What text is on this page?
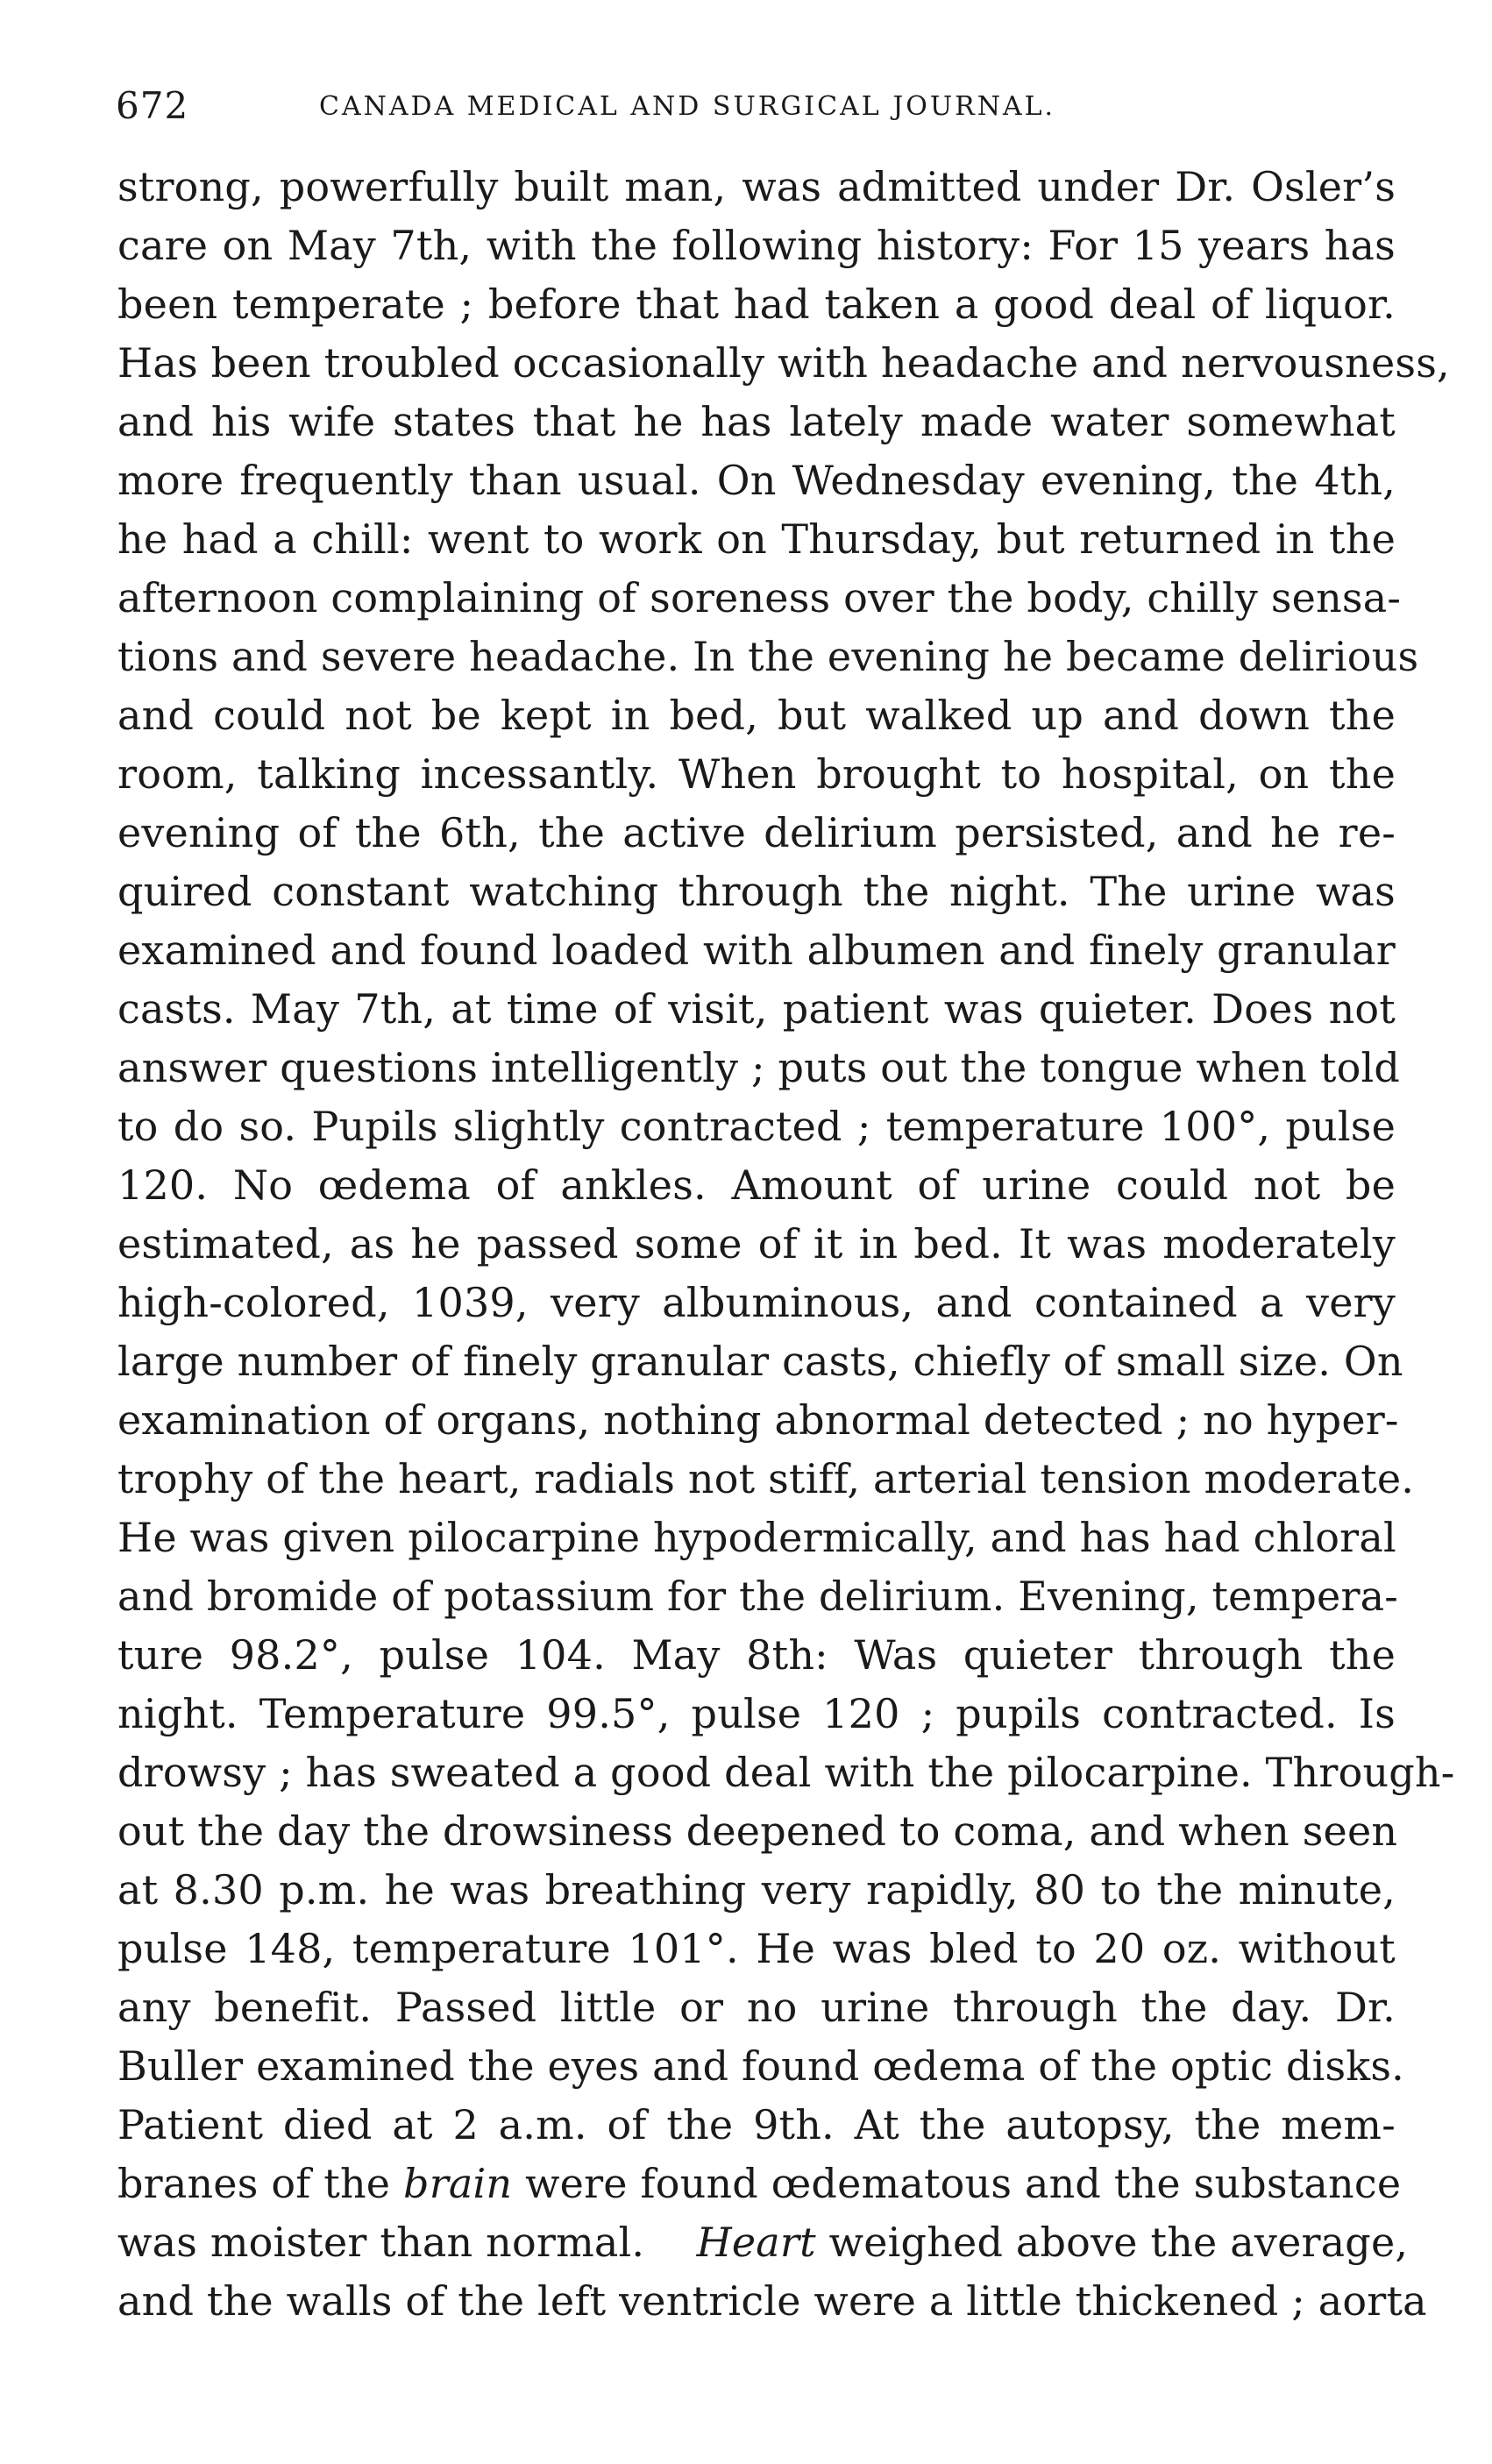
672	CANADA MEDICAL AND SURGICAL JOURNAL.
strong, powerfully built man, was admitted under Dr. Osler’s
care on May 7th, with the following history: For 15 years has
been temperate ; before that had taken a good deal of liquor.
Has been troubled occasionally with headache and nervousness,
and his wife states that he has lately made water somewhat
more frequently than usual. On Wednesday evening, the 4th,
he had a chill: went to work on Thursday, but returned in the
afternoon complaining of soreness over the body, chilly sensa-
tions and severe headache. In the evening he became delirious
and could not be kept in bed, but walked up and down the
room, talking incessantly. When brought to hospital, on the
evening of the 6th, the active delirium persisted, and he re-
quired constant watching through the night. The urine was
examined and found loaded with albumen and finely granular
casts. May 7th, at time of visit, patient was quieter. Does not
answer questions intelligently ; puts out the tongue when told
to do so. Pupils slightly contracted ; temperature 100°, pulse
120. No œdema of ankles. Amount of urine could not be
estimated, as he passed some of it in bed. It was moderately
high-colored, 1039, very albuminous, and contained a very
large number of finely granular casts, chiefly of small size. On
examination of organs, nothing abnormal detected ; no hyper-
trophy of the heart, radials not stiff, arterial tension moderate.
He was given pilocarpine hypodermically, and has had chloral
and bromide of potassium for the delirium. Evening, tempera-
ture 98.2°, pulse 104. May 8th: Was quieter through the
night. Temperature 99.5°, pulse 120 ; pupils contracted. Is
drowsy ; has sweated a good deal with the pilocarpine. Through-
out the day the drowsiness deepened to coma, and when seen
at 8.30 p.m. he was breathing very rapidly, 80 to the minute,
pulse 148, temperature 101°. He was bled to 20 oz. without
any benefit. Passed little or no urine through the day. Dr.
Buller examined the eyes and found œdema of the optic disks.
Patient died at 2 a.m. of the 9th. At the autopsy, the mem-
branes of the brain were found œdematous and the substance
was moister than normal. Heart weighed above the average,
and the walls of the left ventricle were a little thickened ; aorta
